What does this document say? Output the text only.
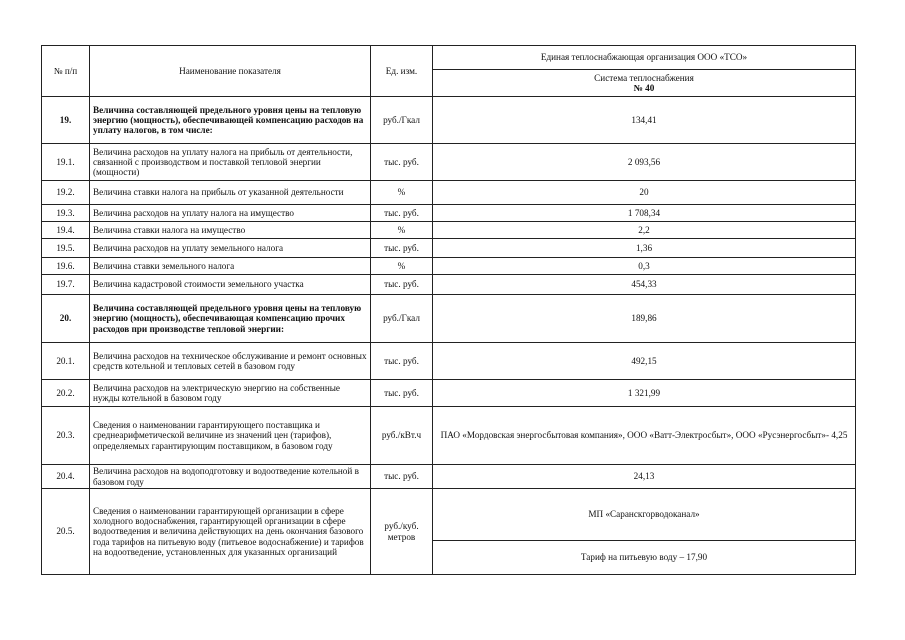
№ п/п	Наименование показателя	Ед. изм.	Единая теплоснабжающая организация ООО «ТСО»

			Система теплоснабжения
№ 40

19.	Величина составляющей предельного уровня цены на тепловую энергию (мощность), обеспечивающей компенсацию расходов на уплату налогов, в том числе:	руб./Гкал	134,41
19.1.	Величина расходов на уплату налога на прибыль от деятельности, связанной с производством и поставкой тепловой энергии (мощности)	тыс. руб.	2 093,56
19.2.	Величина ставки налога на прибыль от указанной деятельности	%	20
19.3.	Величина расходов на уплату налога на имущество	тыс. руб.	1 708,34
19.4.	Величина ставки налога на имущество	%	2,2
19.5.	Величина расходов на уплату земельного налога	тыс. руб.	1,36
19.6.	Величина ставки земельного налога	%	0,3
19.7.	Величина кадастровой стоимости земельного участка	тыс. руб.	454,33
20.	Величина составляющей предельного уровня цены на тепловую энергию (мощность), обеспечивающая компенсацию прочих расходов при производстве тепловой энергии:	руб./Гкал	189,86
20.1.	Величина расходов на техническое обслуживание и ремонт основных средств котельной и тепловых сетей в базовом году	тыс. руб.	492,15
20.2.	Величина расходов на электрическую энергию на собственные нужды котельной в базовом году	тыс. руб.	1 321,99
20.3.	Сведения о наименовании гарантирующего поставщика и среднеарифметической величине из значений цен (тарифов), определяемых гарантирующим поставщиком, в базовом году	руб./кВт.ч	ПАО «Мордовская энергосбытовая компания», ООО «Ватт-Электросбыт», ООО «Русэнергосбыт»- 4,25
20.4.	Величина расходов на водоподготовку и водоотведение котельной в базовом году	тыс. руб.	24,13
20.5.	Сведения о наименовании гарантирующей организации в сфере холодного водоснабжения, гарантирующей организации в сфере водоотведения и величина действующих на день окончания базового года тарифов на питьевую воду (питьевое водоснабжение) и тарифов на водоотведение, установленных для указанных организаций	руб./куб. метров	МП «Саранскгорводоканал»
			Тариф на питьевую воду – 17,90
